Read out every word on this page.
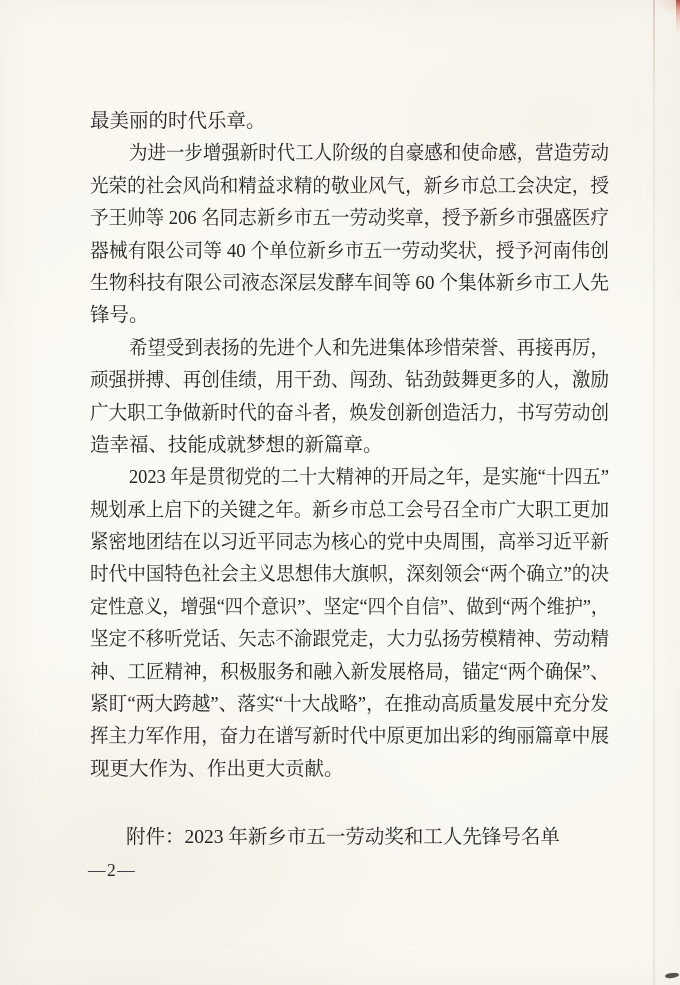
最美丽的时代乐章。
为进一步增强新时代工人阶级的自豪感和使命感，营造劳动
光荣的社会风尚和精益求精的敬业风气，新乡市总工会决定，授
予王帅等 206 名同志新乡市五一劳动奖章，授予新乡市强盛医疗
器械有限公司等 40 个单位新乡市五一劳动奖状，授予河南伟创
生物科技有限公司液态深层发酵车间等 60 个集体新乡市工人先
锋号。
希望受到表扬的先进个人和先进集体珍惜荣誉、再接再厉，
顽强拼搏、再创佳绩，用干劲、闯劲、钻劲鼓舞更多的人，激励
广大职工争做新时代的奋斗者，焕发创新创造活力，书写劳动创
造幸福、技能成就梦想的新篇章。
2023 年是贯彻党的二十大精神的开局之年，是实施“十四五”
规划承上启下的关键之年。新乡市总工会号召全市广大职工更加
紧密地团结在以习近平同志为核心的党中央周围，高举习近平新
时代中国特色社会主义思想伟大旗帜，深刻领会“两个确立”的决
定性意义，增强“四个意识”、坚定“四个自信”、做到“两个维护”，
坚定不移听党话、矢志不渝跟党走，大力弘扬劳模精神、劳动精
神、工匠精神，积极服务和融入新发展格局，锚定“两个确保”、
紧盯“两大跨越”、落实“十大战略”，在推动高质量发展中充分发
挥主力军作用，奋力在谱写新时代中原更加出彩的绚丽篇章中展
现更大作为、作出更大贡献。
附件：2023 年新乡市五一劳动奖和工人先锋号名单
—2—
